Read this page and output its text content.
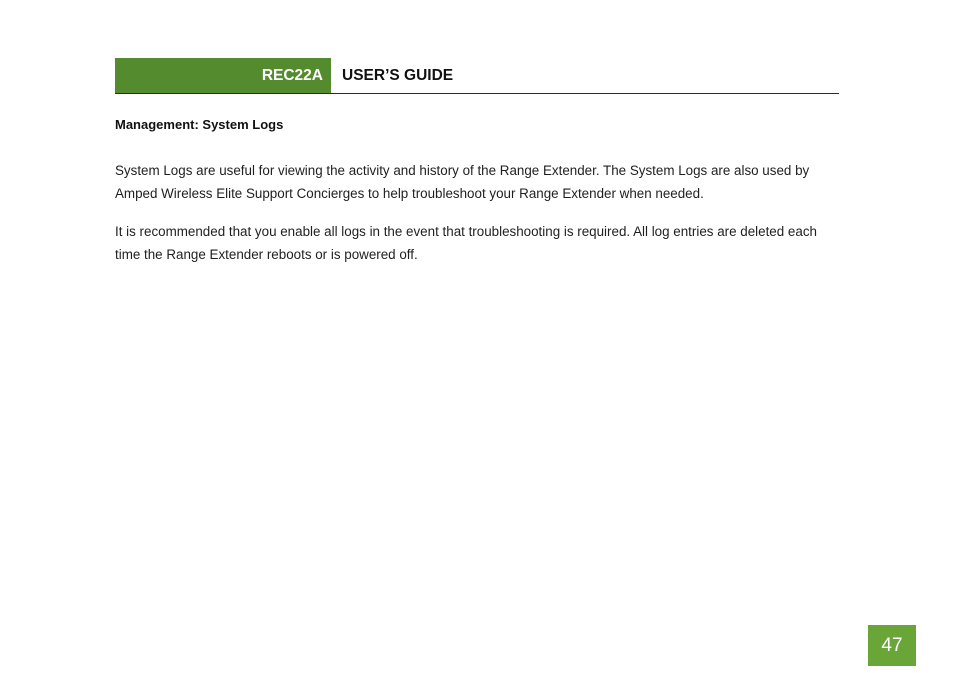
REC22A	USER’S GUIDE
Management: System Logs

System Logs are useful for viewing the activity and history of the Range Extender. The System Logs are also used by Amped Wireless Elite Support Concierges to help troubleshoot your Range Extender when needed.

It is recommended that you enable all logs in the event that troubleshooting is required. All log entries are deleted each time the Range Extender reboots or is powered off.

47
